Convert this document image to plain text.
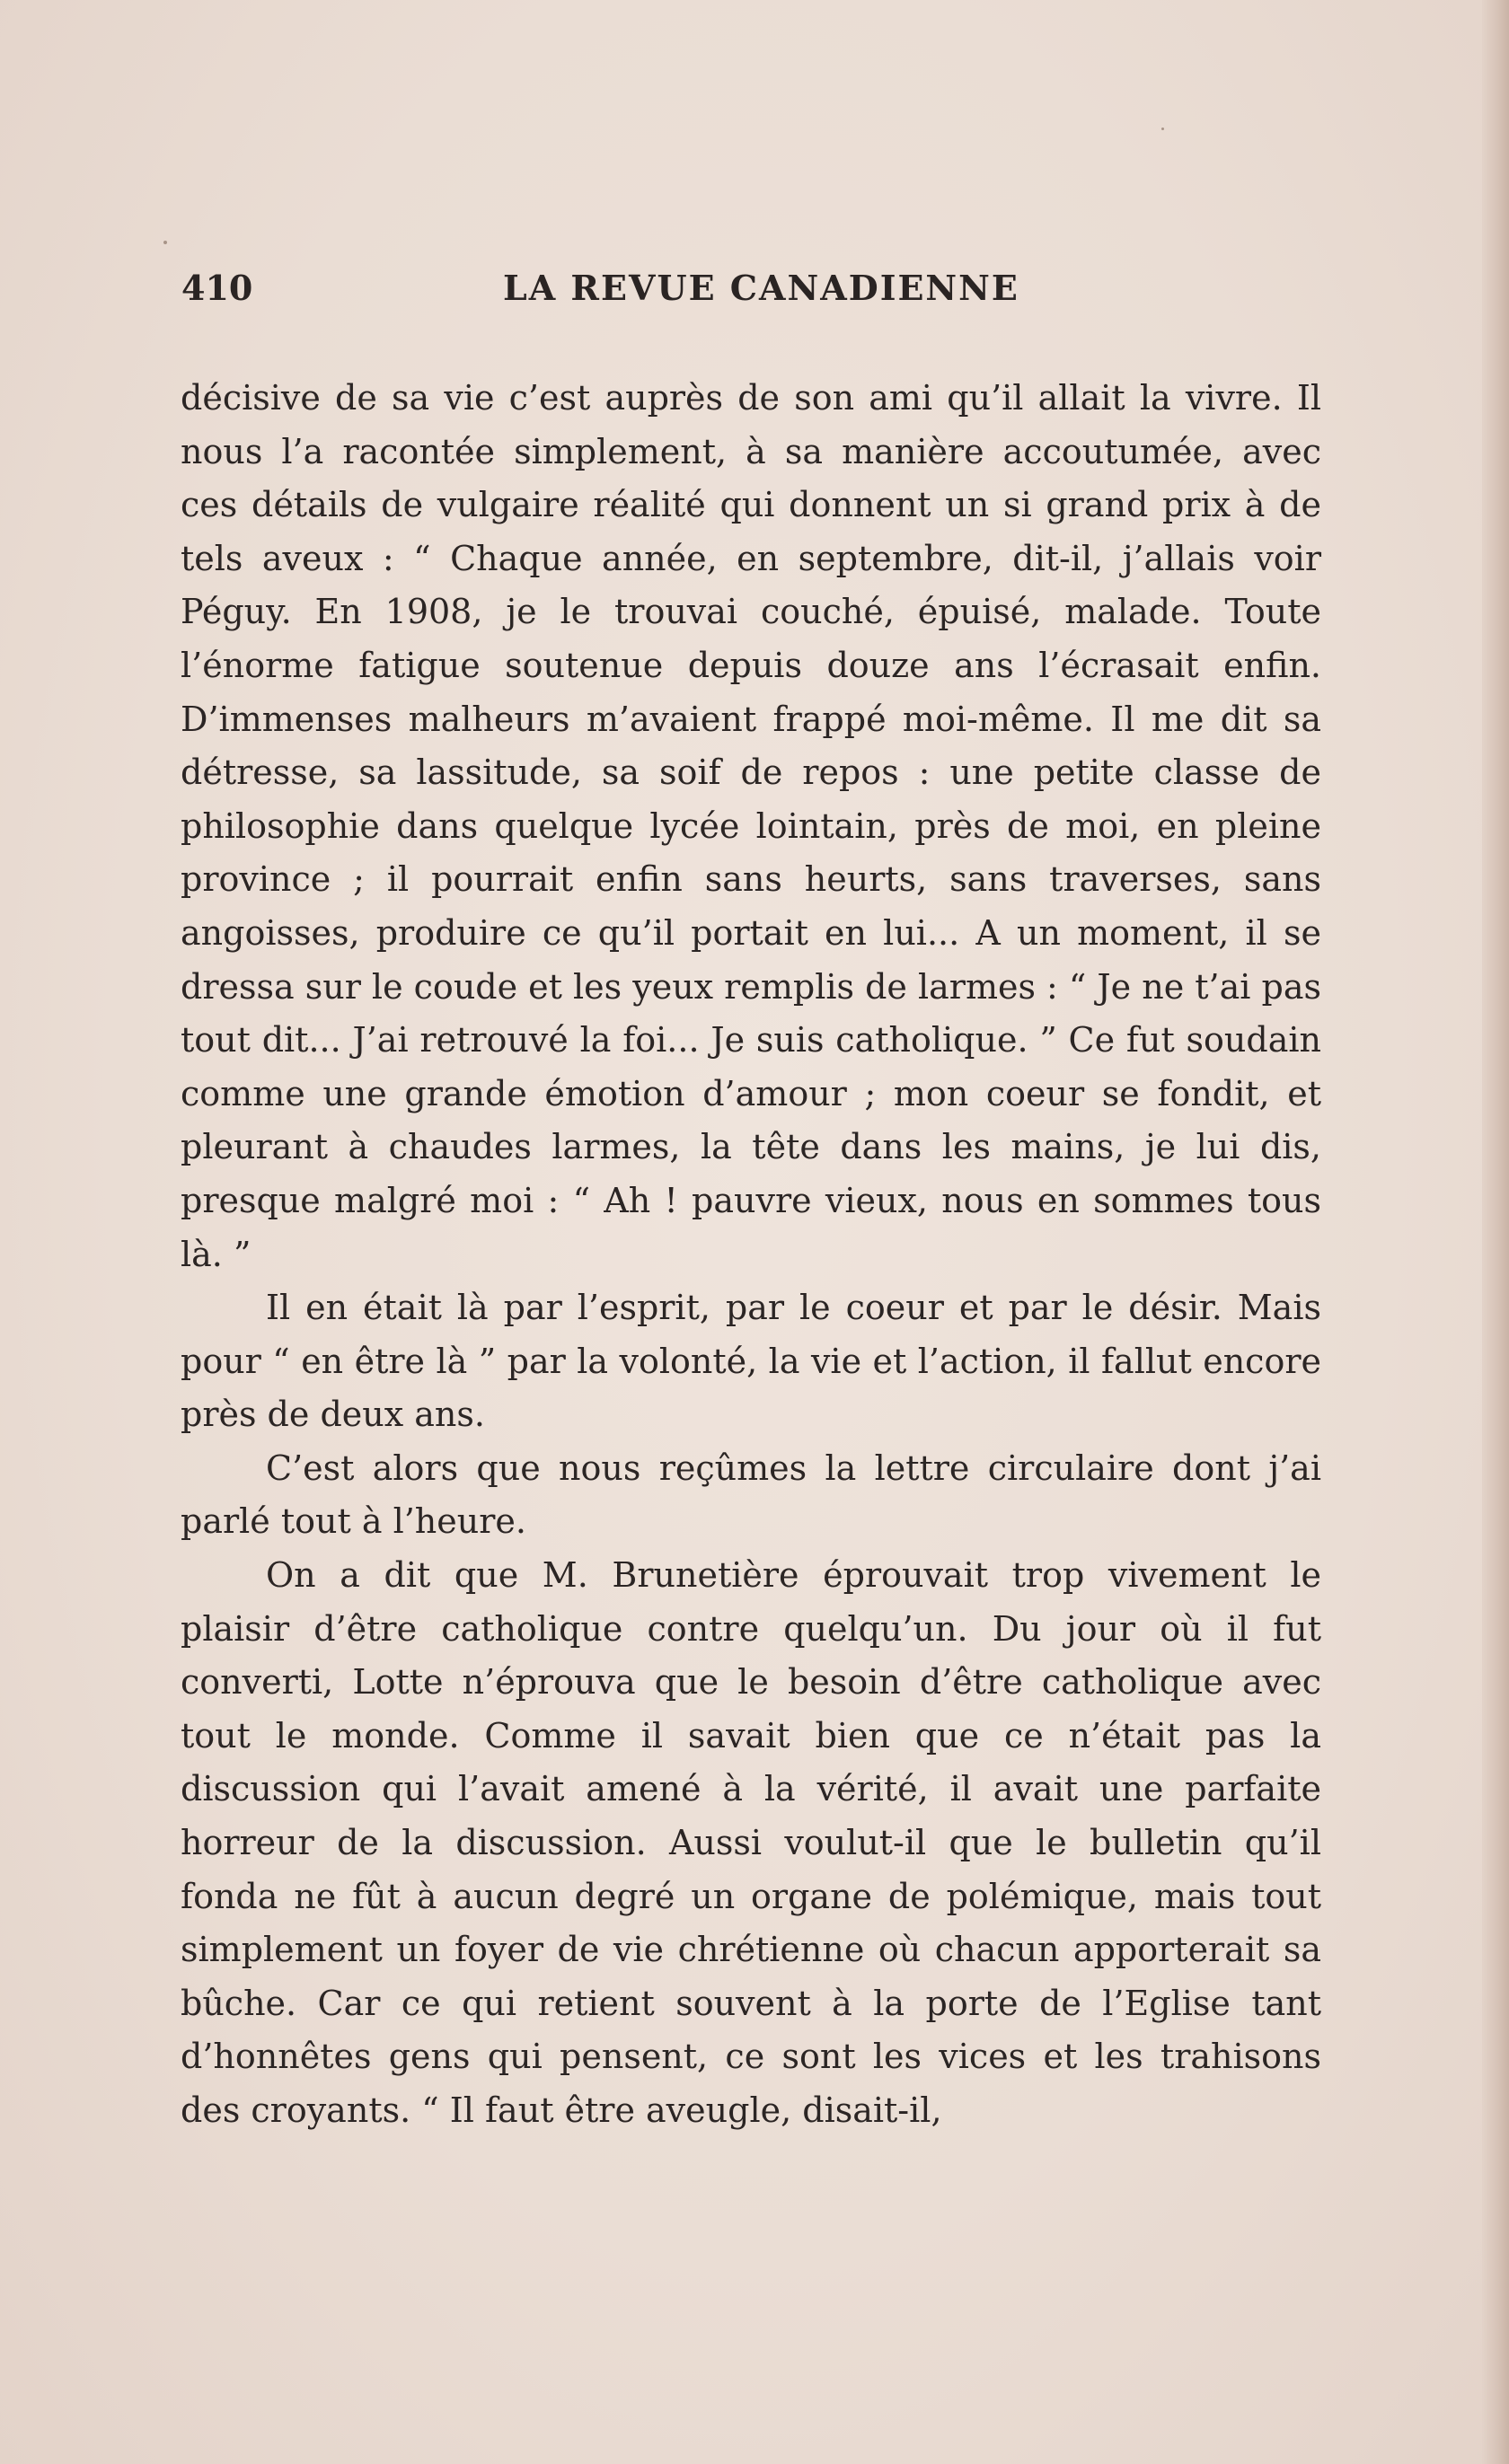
410	LA REVUE CANADIENNE

décisive de sa vie c’est auprès de son ami qu’il allait la vivre. Il nous l’a racontée simplement, à sa manière accoutumée, avec ces détails de vulgaire réalité qui donnent un si grand prix à de tels aveux : “ Chaque année, en septembre, dit-il, j’allais voir Péguy. En 1908, je le trouvai couché, épuisé, malade. Toute l’énorme fatigue soutenue depuis douze ans l’écrasait enfin. D’immenses malheurs m’avaient frappé moi-même. Il me dit sa détresse, sa lassitude, sa soif de repos : une petite classe de philosophie dans quelque lycée lointain, près de moi, en pleine province ; il pourrait enfin sans heurts, sans traverses, sans angoisses, produire ce qu’il portait en lui... A un moment, il se dressa sur le coude et les yeux remplis de larmes : “ Je ne t’ai pas tout dit... J’ai retrouvé la foi... Je suis catholique. ” Ce fut soudain comme une grande émotion d’amour ; mon coeur se fondit, et pleurant à chaudes larmes, la tête dans les mains, je lui dis, presque malgré moi : “ Ah ! pauvre vieux, nous en sommes tous là. ”

Il en était là par l’esprit, par le coeur et par le désir. Mais pour “ en être là ” par la volonté, la vie et l’action, il fallut encore près de deux ans.

C’est alors que nous reçûmes la lettre circulaire dont j’ai parlé tout à l’heure.

On a dit que M. Brunetière éprouvait trop vivement le plaisir d’être catholique contre quelqu’un. Du jour où il fut converti, Lotte n’éprouva que le besoin d’être catholique avec tout le monde. Comme il savait bien que ce n’était pas la discussion qui l’avait amené à la vérité, il avait une parfaite horreur de la discussion. Aussi voulut-il que le bulletin qu’il fonda ne fût à aucun degré un organe de polémique, mais tout simplement un foyer de vie chrétienne où chacun apporterait sa bûche. Car ce qui retient souvent à la porte de l’Eglise tant d’honnêtes gens qui pensent, ce sont les vices et les trahisons des croyants. “ Il faut être aveugle, disait-il,
